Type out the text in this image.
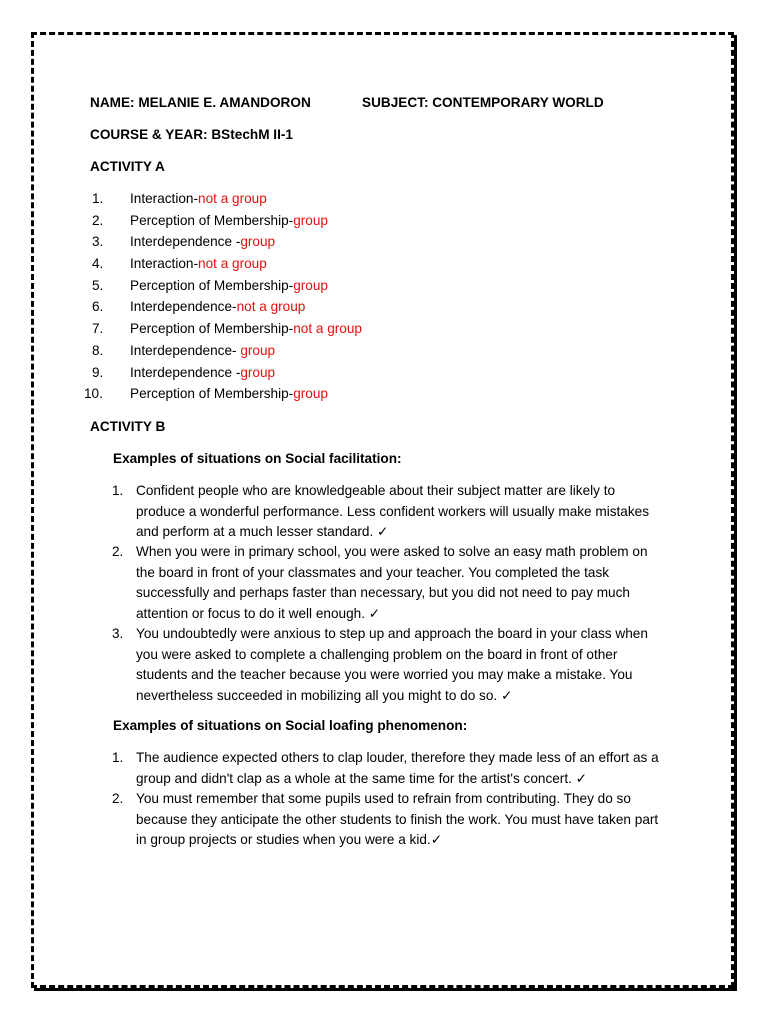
NAME: MELANIE E. AMANDORON	SUBJECT: CONTEMPORARY WORLD
COURSE & YEAR: BStechM II-1
ACTIVITY A
1. Interaction-not a group
2. Perception of Membership-group
3. Interdependence -group
4. Interaction-not a group
5. Perception of Membership-group
6. Interdependence-not a group
7. Perception of Membership-not a group
8. Interdependence- group
9. Interdependence -group
10. Perception of Membership-group
ACTIVITY B
Examples of situations on Social facilitation:
1. Confident people who are knowledgeable about their subject matter are likely to
produce a wonderful performance. Less confident workers will usually make mistakes
and perform at a much lesser standard. ✓
2. When you were in primary school, you were asked to solve an easy math problem on
the board in front of your classmates and your teacher. You completed the task
successfully and perhaps faster than necessary, but you did not need to pay much
attention or focus to do it well enough. ✓
3. You undoubtedly were anxious to step up and approach the board in your class when
you were asked to complete a challenging problem on the board in front of other
students and the teacher because you were worried you may make a mistake. You
nevertheless succeeded in mobilizing all you might to do so. ✓
Examples of situations on Social loafing phenomenon:
1. The audience expected others to clap louder, therefore they made less of an effort as a
group and didn't clap as a whole at the same time for the artist's concert. ✓
2. You must remember that some pupils used to refrain from contributing. They do so
because they anticipate the other students to finish the work. You must have taken part
in group projects or studies when you were a kid.✓
